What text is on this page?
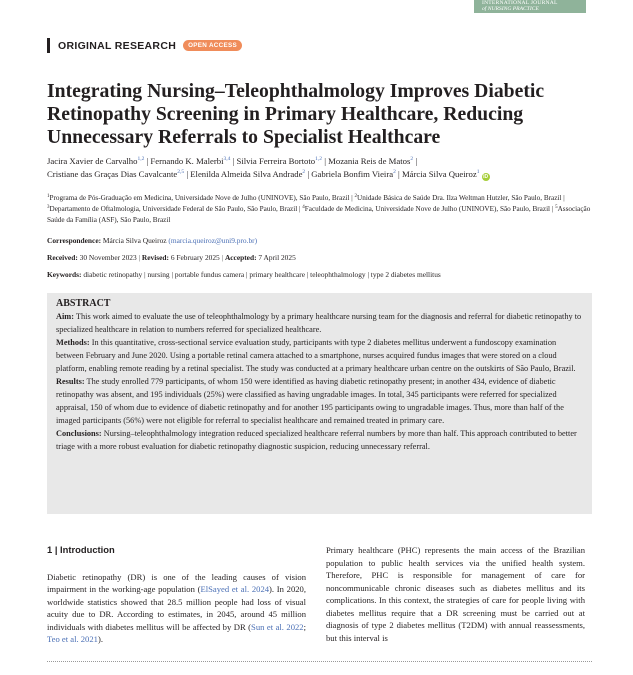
INTERNATIONAL JOURNAL
of NURSING PRACTICE
ORIGINAL RESEARCH	OPEN ACCESS
Integrating Nursing–Teleophthalmology Improves Diabetic Retinopathy Screening in Primary Healthcare, Reducing Unnecessary Referrals to Specialist Healthcare
Jacira Xavier de Carvalho$^{1,2}$ | Fernando K. Malerbi$^{3,4}$ | Silvia Ferreira Bortoto$^{1,2}$ | Mozania Reis de Matos$^2$ |
Cristiane das Graças Dias Cavalcante$^{2,5}$ | Elenilda Almeida Silva Andrade$^2$ | Gabriela Bonfim Vieira$^2$ | Márcia Silva Queiroz$^1$ iD
$^1$Programa de Pós-Graduação em Medicina, Universidade Nove de Julho (UNINOVE), São Paulo, Brazil | $^2$Unidade Básica de Saúde Dra. Ilza Weltman Hutzler, São Paulo, Brazil | $^3$Departamento de Oftalmologia, Universidade Federal de São Paulo, São Paulo, Brazil | $^4$Faculdade de Medicina, Universidade Nove de Julho (UNINOVE), São Paulo, Brazil | $^5$Associação Saúde da Família (ASF), São Paulo, Brazil
Correspondence: Márcia Silva Queiroz (marcia.queiroz@uni9.pro.br)
Received: 30 November 2023 | Revised: 6 February 2025 | Accepted: 7 April 2025
Keywords: diabetic retinopathy | nursing | portable fundus camera | primary healthcare | teleophthalmology | type 2 diabetes mellitus
ABSTRACT

Aim: This work aimed to evaluate the use of teleophthalmology by a primary healthcare nursing team for the diagnosis and referral for diabetic retinopathy to specialized healthcare in relation to numbers referred for specialized healthcare.

Methods: In this quantitative, cross-sectional service evaluation study, participants with type 2 diabetes mellitus underwent a fundoscopy examination between February and June 2020. Using a portable retinal camera attached to a smartphone, nurses acquired fundus images that were stored on a cloud platform, enabling remote reading by a retinal specialist. The study was conducted at a primary healthcare urban centre on the outskirts of São Paulo, Brazil.

Results: The study enrolled 779 participants, of whom 150 were identified as having diabetic retinopathy present; in another 434, evidence of diabetic retinopathy was absent, and 195 individuals (25%) were classified as having ungradable images. In total, 345 participants were referred for specialized appraisal, 150 of whom due to evidence of diabetic retinopathy and for another 195 participants owing to ungradable images. Thus, more than half of the imaged participants (56%) were not eligible for referral to specialist healthcare and remained treated in primary care.

Conclusions: Nursing–teleophthalmology integration reduced specialized healthcare referral numbers by more than half. This approach contributed to better triage with a more robust evaluation for diabetic retinopathy diagnostic suspicion, reducing unnecessary referral.

1 | Introduction

Diabetic retinopathy (DR) is one of the leading causes of vision impairment in the working-age population (ElSayed et al. 2024). In 2020, worldwide statistics showed that 28.5 million people had loss of visual acuity due to DR. According to estimates, in 2045, around 45 million individuals with diabetes mellitus will be affected by DR (Sun et al. 2022; Teo et al. 2021).

Primary healthcare (PHC) represents the main access of the Brazilian population to public health services via the unified health system. Therefore, PHC is responsible for management of care for noncommunicable chronic diseases such as diabetes mellitus and its complications. In this context, the strategies of care for people living with diabetes mellitus require that a DR screening must be carried out at diagnosis of type 2 diabetes mellitus (T2DM) with annual reassessments, but this interval is
